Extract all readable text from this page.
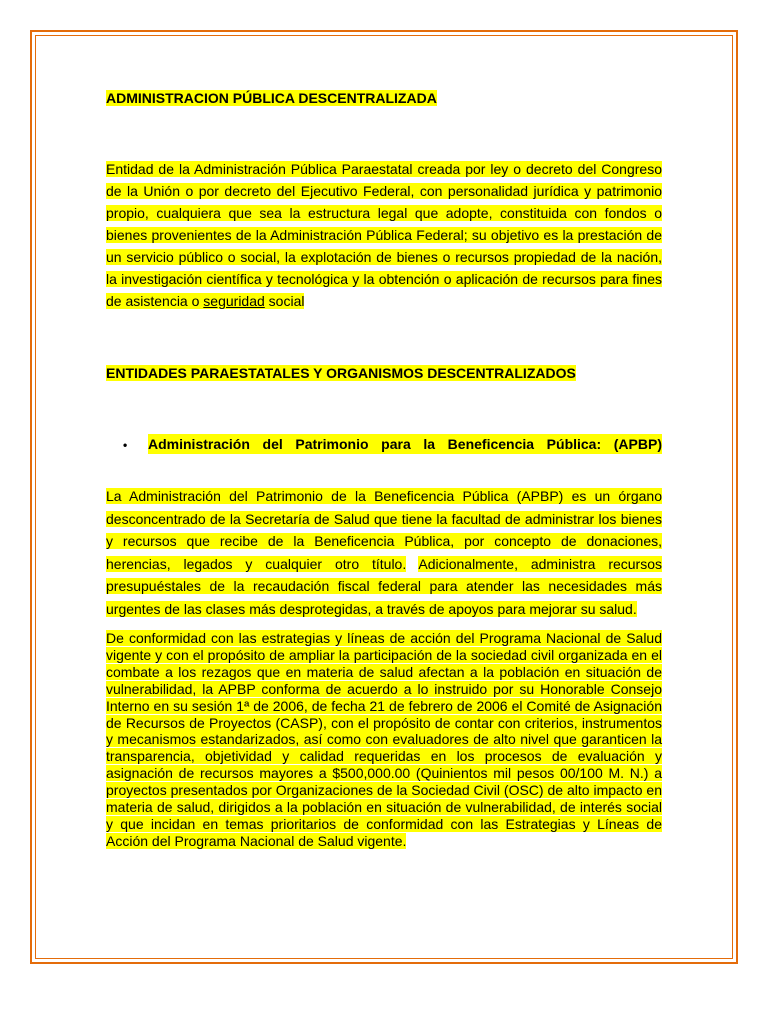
ADMINISTRACION PÚBLICA DESCENTRALIZADA

Entidad de la Administración Pública Paraestatal creada por ley o decreto del Congreso de la Unión o por decreto del Ejecutivo Federal, con personalidad jurídica y patrimonio propio, cualquiera que sea la estructura legal que adopte, constituida con fondos o bienes provenientes de la Administración Pública Federal; su objetivo es la prestación de un servicio público o social, la explotación de bienes o recursos propiedad de la nación, la investigación científica y tecnológica y la obtención o aplicación de recursos para fines de asistencia o seguridad social

ENTIDADES PARAESTATALES Y ORGANISMOS DESCENTRALIZADOS
•	Administración del Patrimonio para la Beneficencia Pública: (APBP)

La Administración del Patrimonio de la Beneficencia Pública (APBP) es un órgano desconcentrado de la Secretaría de Salud que tiene la facultad de administrar los bienes y recursos que recibe de la Beneficencia Pública, por concepto de donaciones, herencias, legados y cualquier otro título. Adicionalmente, administra recursos presupuéstales de la recaudación fiscal federal para atender las necesidades más urgentes de las clases más desprotegidas, a través de apoyos para mejorar su salud.

De conformidad con las estrategias y líneas de acción del Programa Nacional de Salud vigente y con el propósito de ampliar la participación de la sociedad civil organizada en el combate a los rezagos que en materia de salud afectan a la población en situación de vulnerabilidad, la APBP conforma de acuerdo a lo instruido por su Honorable Consejo Interno en su sesión 1ª de 2006, de fecha 21 de febrero de 2006 el Comité de Asignación de Recursos de Proyectos (CASP), con el propósito de contar con criterios, instrumentos y mecanismos estandarizados, así como con evaluadores de alto nivel que garanticen la transparencia, objetividad y calidad requeridas en los procesos de evaluación y asignación de recursos mayores a $500,000.00 (Quinientos mil pesos 00/100 M. N.) a proyectos presentados por Organizaciones de la Sociedad Civil (OSC) de alto impacto en materia de salud, dirigidos a la población en situación de vulnerabilidad, de interés social y que incidan en temas prioritarios de conformidad con las Estrategias y Líneas de Acción del Programa Nacional de Salud vigente.
